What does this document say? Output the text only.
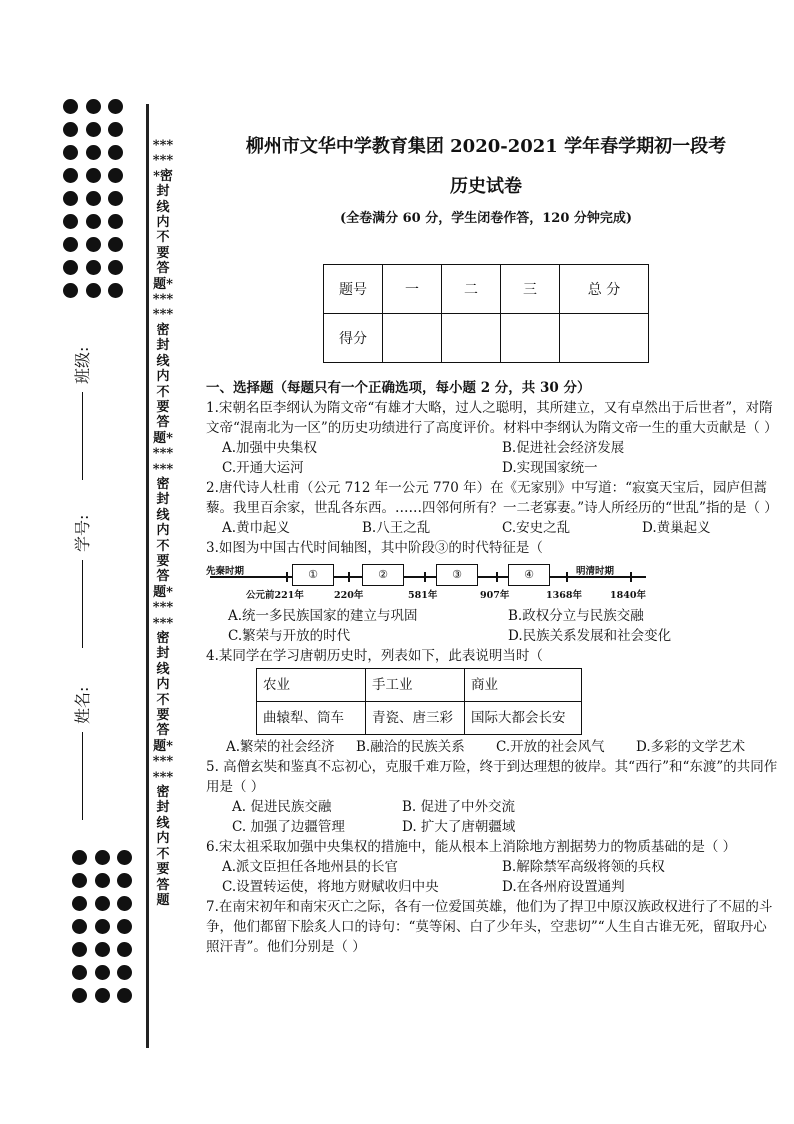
*******密封线内不要答题*******密封线内不要答题*******密封线内不要答题*******密封线内不要答题*******密封线内不要答题
班级:
学号:
姓名:
柳州市文华中学教育集团 2020-2021 学年春学期初一段考
历史试卷
(全卷满分 60 分，学生闭卷作答，120 分钟完成)
题号	一	二	三	总 分
得分				

一、选择题（每题只有一个正确选项，每小题 2 分，共 30 分）

1.宋朝名臣李纲认为隋文帝“有雄才大略，过人之聪明，其所建立，又有卓然出于后世者”，对隋文帝“混南北为一区”的历史功绩进行了高度评价。材料中李纲认为隋文帝一生的重大贡献是（ ）

A.加强中央集权	B.促进社会经济发展
C.开通大运河	D.实现国家统一

2.唐代诗人杜甫（公元 712 年一公元 770 年）在《无家别》中写道：“寂寞天宝后，园庐但蒿藜。我里百余家，世乱各东西。……四邻何所有？一二老寡妻。”诗人所经历的“世乱”指的是（ ）

A.黄巾起义	B.八王之乱	C.安史之乱	D.黄巢起义

3.如图为中国古代时间轴图，其中阶段③的时代特征是（

先秦时期	明清时期
①	②	③	④
公元前221年	220年	581年	907年	1368年	1840年
A.统一多民族国家的建立与巩固	B.政权分立与民族交融
C.繁荣与开放的时代	D.民族关系发展和社会变化

4.某同学在学习唐朝历史时，列表如下，此表说明当时（

农业	手工业	商业
曲辕犁、筒车	青瓷、唐三彩	国际大都会长安
A.繁荣的社会经济	B.融洽的民族关系	C.开放的社会风气	D.多彩的文学艺术

5. 高僧玄奘和鉴真不忘初心，克服千难万险，终于到达理想的彼岸。其“西行”和“东渡”的共同作用是（ ）

A. 促进民族交融	B. 促进了中外交流
C. 加强了边疆管理	D. 扩大了唐朝疆域

6.宋太祖采取加强中央集权的措施中，能从根本上消除地方割据势力的物质基础的是（ ）

A.派文臣担任各地州县的长官	B.解除禁军高级将领的兵权
C.设置转运使，将地方财赋收归中央	D.在各州府设置通判

7.在南宋初年和南宋灭亡之际，各有一位爱国英雄，他们为了捍卫中原汉族政权进行了不屈的斗争，他们都留下脍炙人口的诗句：“莫等闲、白了少年头，空悲切”“人生自古谁无死，留取丹心照汗青”。他们分别是（ ）
